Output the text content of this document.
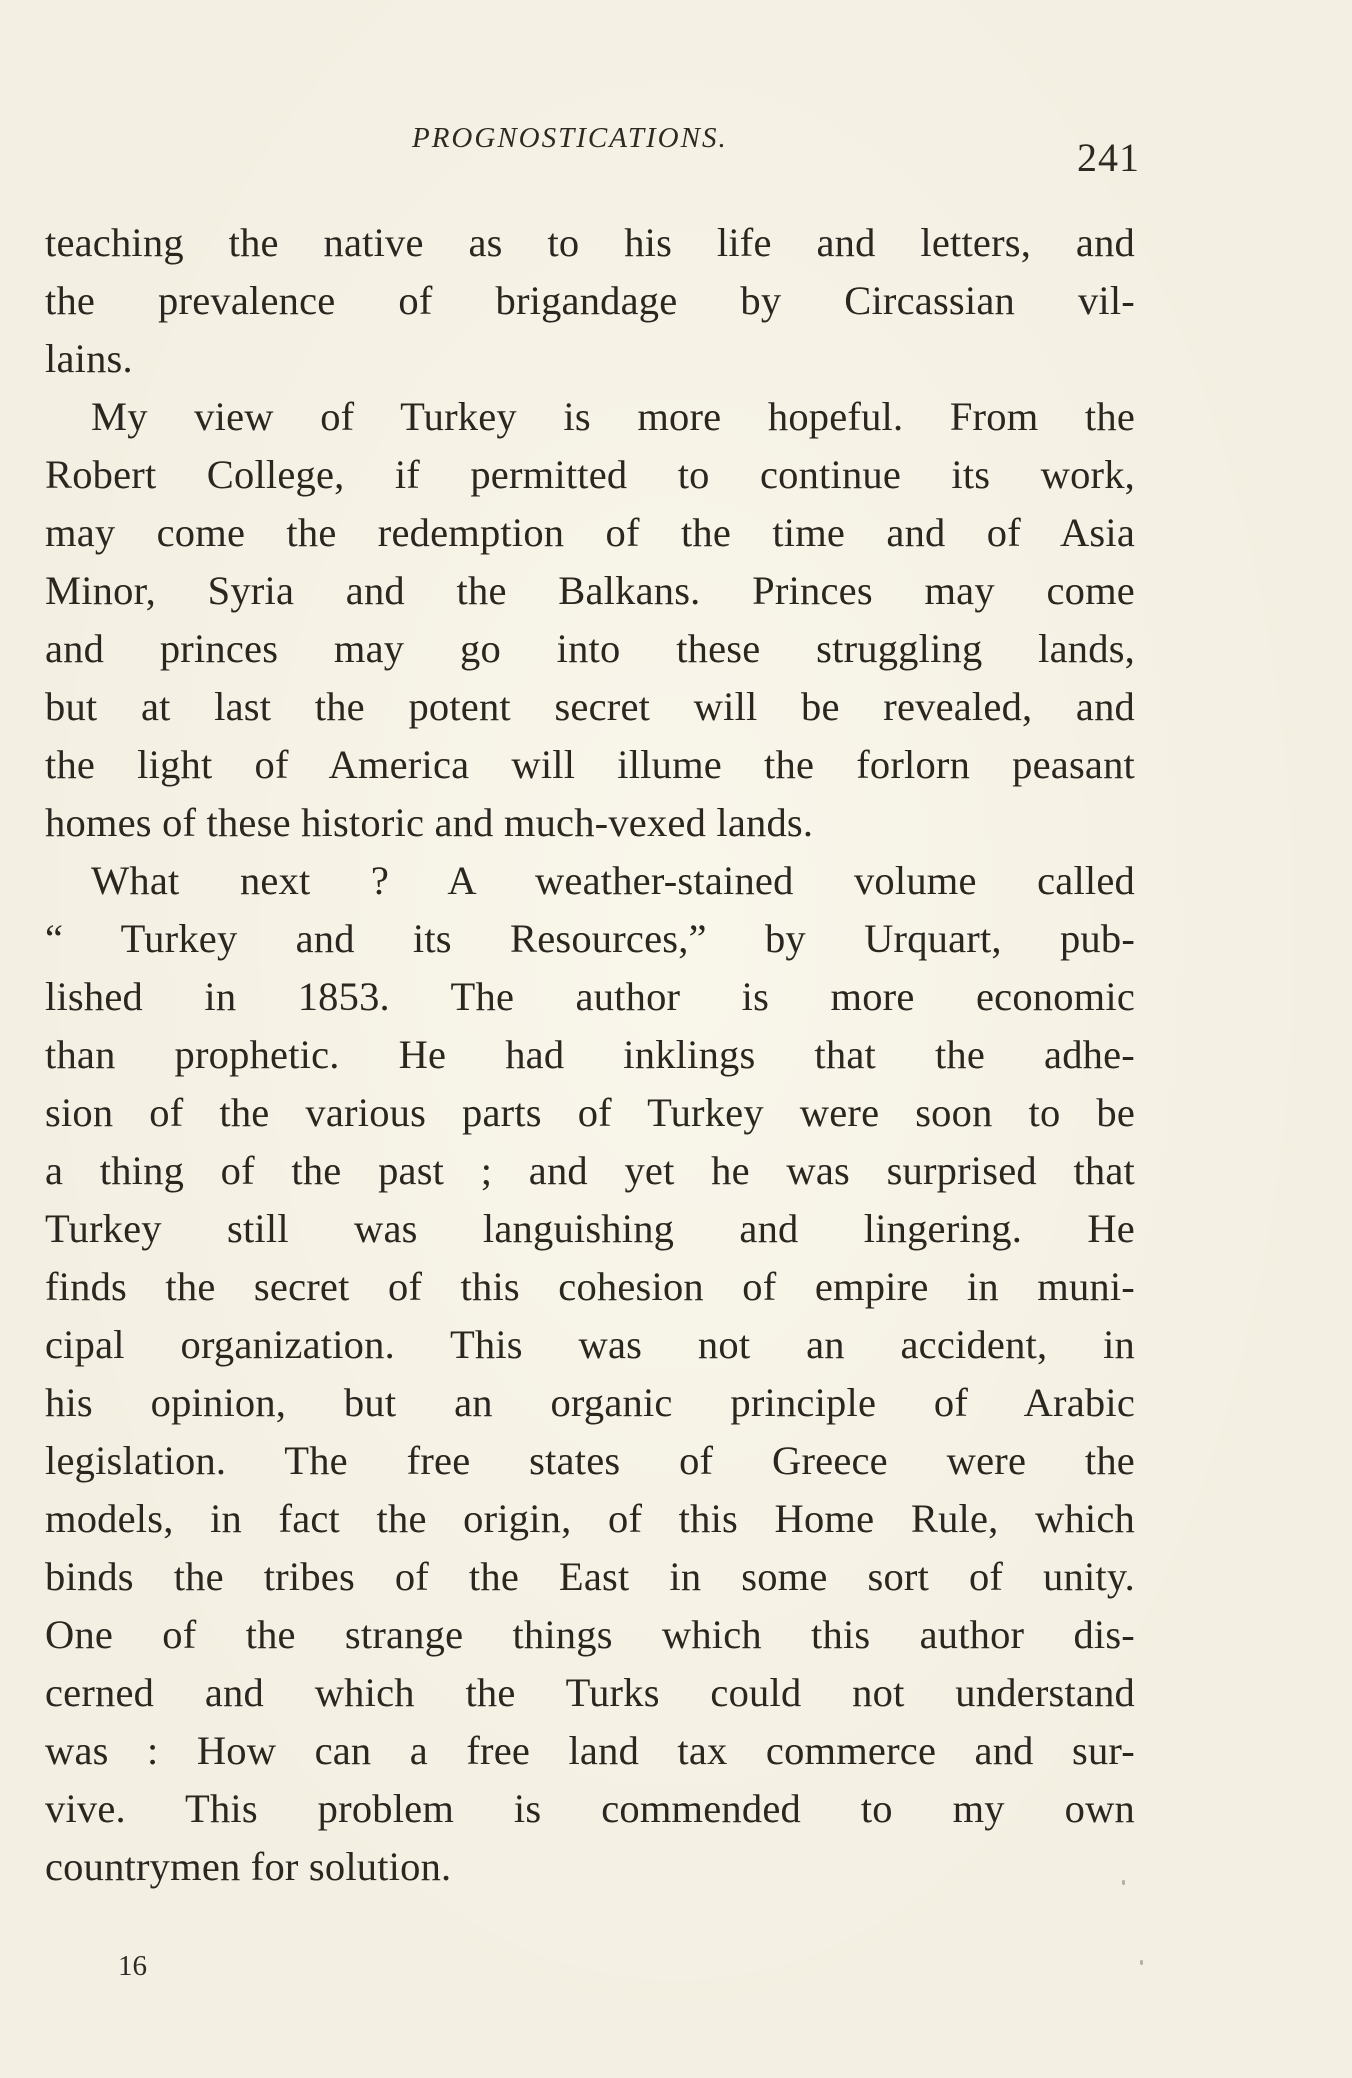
PROGNOSTICATIONS.	241
teaching the native as to his life and letters, and
the prevalence of brigandage by Circassian vil-
lains.
My view of Turkey is more hopeful. From the
Robert College, if permitted to continue its work,
may come the redemption of the time and of Asia
Minor, Syria and the Balkans. Princes may come
and princes may go into these struggling lands,
but at last the potent secret will be revealed, and
the light of America will illume the forlorn peasant
homes of these historic and much-vexed lands.
What next ? A weather-stained volume called
“ Turkey and its Resources,” by Urquart, pub-
lished in 1853. The author is more economic
than prophetic. He had inklings that the adhe-
sion of the various parts of Turkey were soon to be
a thing of the past ; and yet he was surprised that
Turkey still was languishing and lingering. He
finds the secret of this cohesion of empire in muni-
cipal organization. This was not an accident, in
his opinion, but an organic principle of Arabic
legislation. The free states of Greece were the
models, in fact the origin, of this Home Rule, which
binds the tribes of the East in some sort of unity.
One of the strange things which this author dis-
cerned and which the Turks could not understand
was : How can a free land tax commerce and sur-
vive. This problem is commended to my own
countrymen for solution.
16
